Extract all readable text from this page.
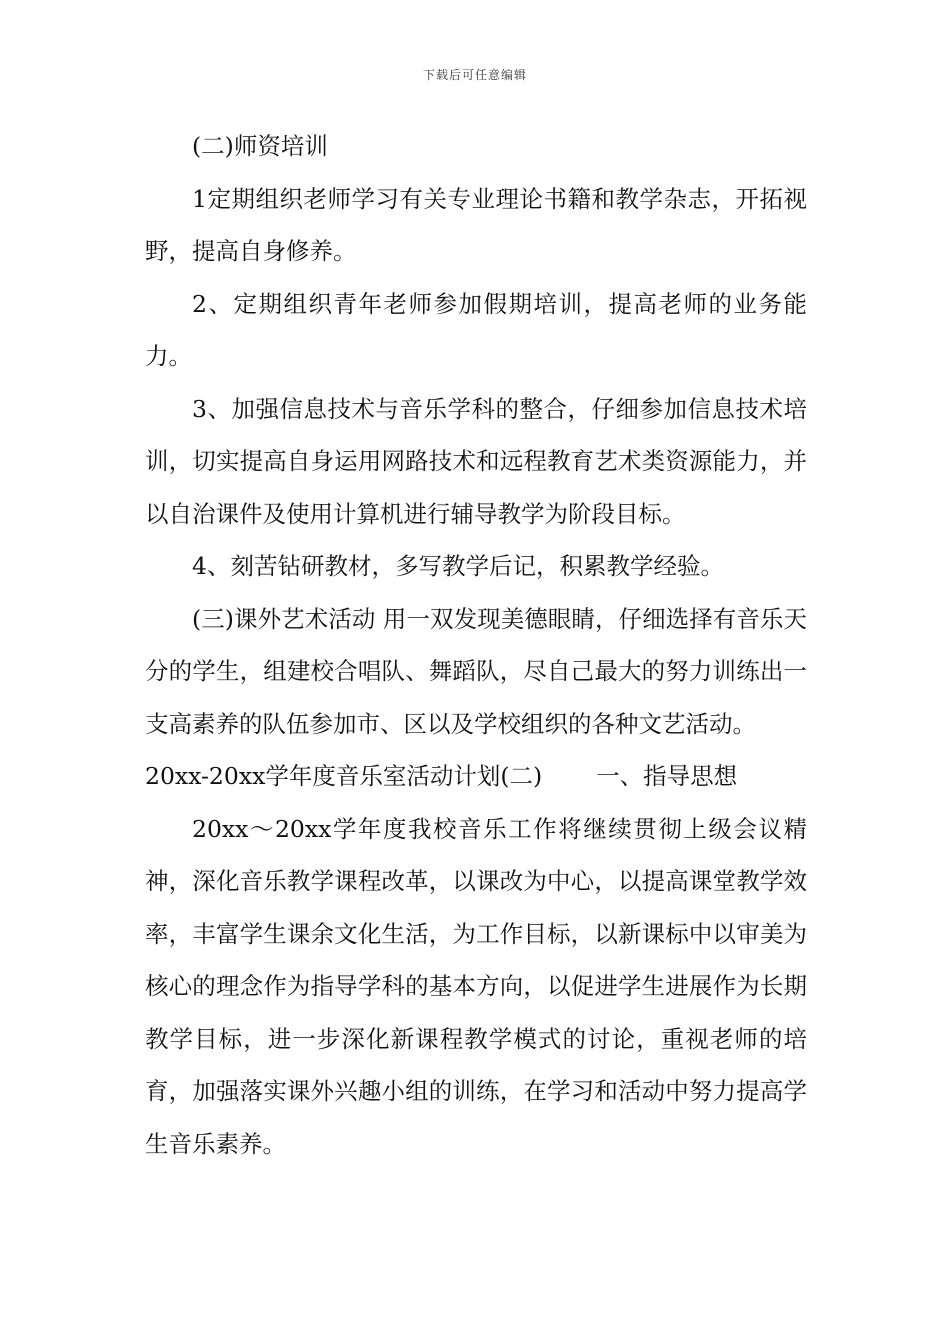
下载后可任意编辑

(二)师资培训

1定期组织老师学习有关专业理论书籍和教学杂志，开拓视野，提高自身修养。

2、定期组织青年老师参加假期培训，提高老师的业务能力。

3、加强信息技术与音乐学科的整合，仔细参加信息技术培训，切实提高自身运用网路技术和远程教育艺术类资源能力，并以自治课件及使用计算机进行辅导教学为阶段目标。

4、刻苦钻研教材，多写教学后记，积累教学经验。

(三)课外艺术活动 用一双发现美德眼睛，仔细选择有音乐天分的学生，组建校合唱队、舞蹈队，尽自己最大的努力训练出一支高素养的队伍参加市、区以及学校组织的各种文艺活动。

20xx-20xx学年度音乐室活动计划(二) 一、指导思想

20xx～20xx学年度我校音乐工作将继续贯彻上级会议精神，深化音乐教学课程改革，以课改为中心，以提高课堂教学效率，丰富学生课余文化生活，为工作目标，以新课标中以审美为核心的理念作为指导学科的基本方向，以促进学生进展作为长期教学目标，进一步深化新课程教学模式的讨论，重视老师的培育，加强落实课外兴趣小组的训练，在学习和活动中努力提高学生音乐素养。
